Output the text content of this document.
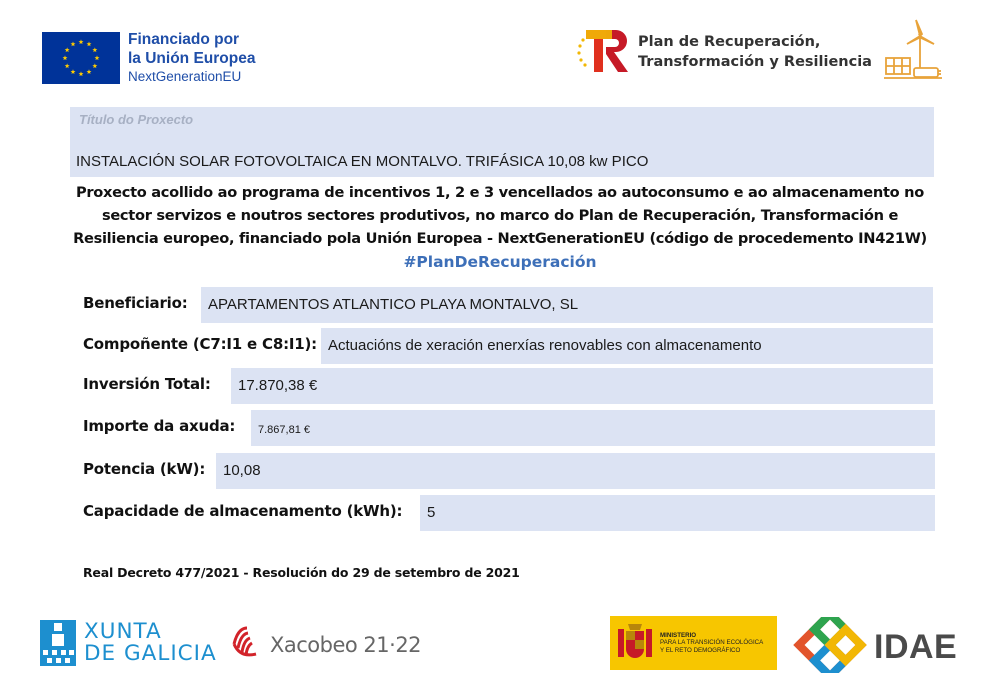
Financiado por
la Unión Europea
NextGenerationEU
Plan de Recuperación,
Transformación y Resiliencia
Título do Proxecto
INSTALACIÓN SOLAR FOTOVOLTAICA EN MONTALVO. TRIFÁSICA 10,08 kw PICO
Proxecto acollido ao programa de incentivos 1, 2 e 3 vencellados ao autoconsumo e ao almacenamento no
sector servizos e noutros sectores produtivos, no marco do Plan de Recuperación, Transformación e
Resiliencia europeo, financiado pola Unión Europea - NextGenerationEU (código de procedemento IN421W)
#PlanDeRecuperación
Beneficiario: APARTAMENTOS ATLANTICO PLAYA MONTALVO, SL
Compoñente (C7:I1 e C8:I1): Actuacións de xeración enerxías renovables con almacenamento
Inversión Total: 17.870,38 €
Importe da axuda: 7.867,81 €
Potencia (kW): 10,08
Capacidade de almacenamento (kWh): 5
Real Decreto 477/2021 - Resolución do 29 de setembro de 2021
XUNTA
DE GALICIA	Xacobeo 21·22	MINISTERIO
PARA LA TRANSICIÓN ECOLÓGICA
Y EL RETO DEMOGRÁFICO	IDAE
